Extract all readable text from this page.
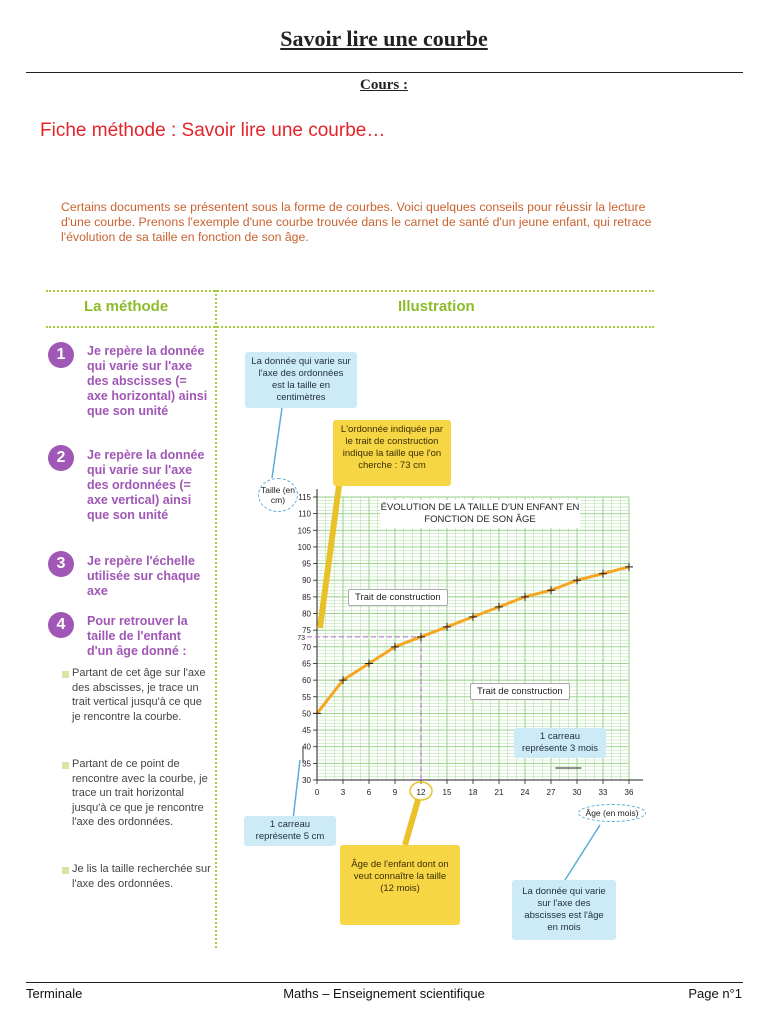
Savoir lire une courbe
Cours :
Fiche méthode : Savoir lire une courbe…
Certains documents se présentent sous la forme de courbes. Voici quelques conseils pour réussir la lecture d'une courbe. Prenons l'exemple d'une courbe trouvée dans le carnet de santé d'un jeune enfant, qui retrace l'évolution de sa taille en fonction de son âge.
La méthode	Illustration
1	Je repère la donnée qui varie sur l'axe des abscisses (= axe horizontal) ainsi que son unité
2	Je repère la donnée qui varie sur l'axe des ordonnées (= axe vertical) ainsi que son unité
3	Je repère l'échelle utilisée sur chaque axe
4	Pour retrouver la taille de l'enfant d'un âge donné :
Partant de cet âge sur l'axe des abscisses, je trace un trait vertical jusqu'à ce que je rencontre la courbe.
Partant de ce point de rencontre avec la courbe, je trace un trait horizontal jusqu'à ce que je rencontre l'axe des ordonnées.
Je lis la taille recherchée sur l'axe des ordonnées.
0	3	6	9 12 15 18 21 24 27 30 33 36
30
35
40
45
50
55
60
65
70
75
80
85
90
95
100
105
110
115
73
ÉVOLUTION DE LA TAILLE D'UN ENFANT EN FONCTION DE SON ÂGE
Taille (en cm)
Âge (en mois)
La donnée qui varie sur l'axe des ordonnées est la taille en centimètres
L'ordonnée indiquée par le trait de construction indique la taille que l'on cherche : 73 cm
Trait de construction
Trait de construction
1 carreau représente 3 mois
1 carreau représente 5 cm
Âge de l'enfant dont on veut connaître la taille (12 mois)	La donnée qui varie sur l'axe des abscisses est l'âge en mois
Terminale	Maths – Enseignement scientifique	Page n°1
